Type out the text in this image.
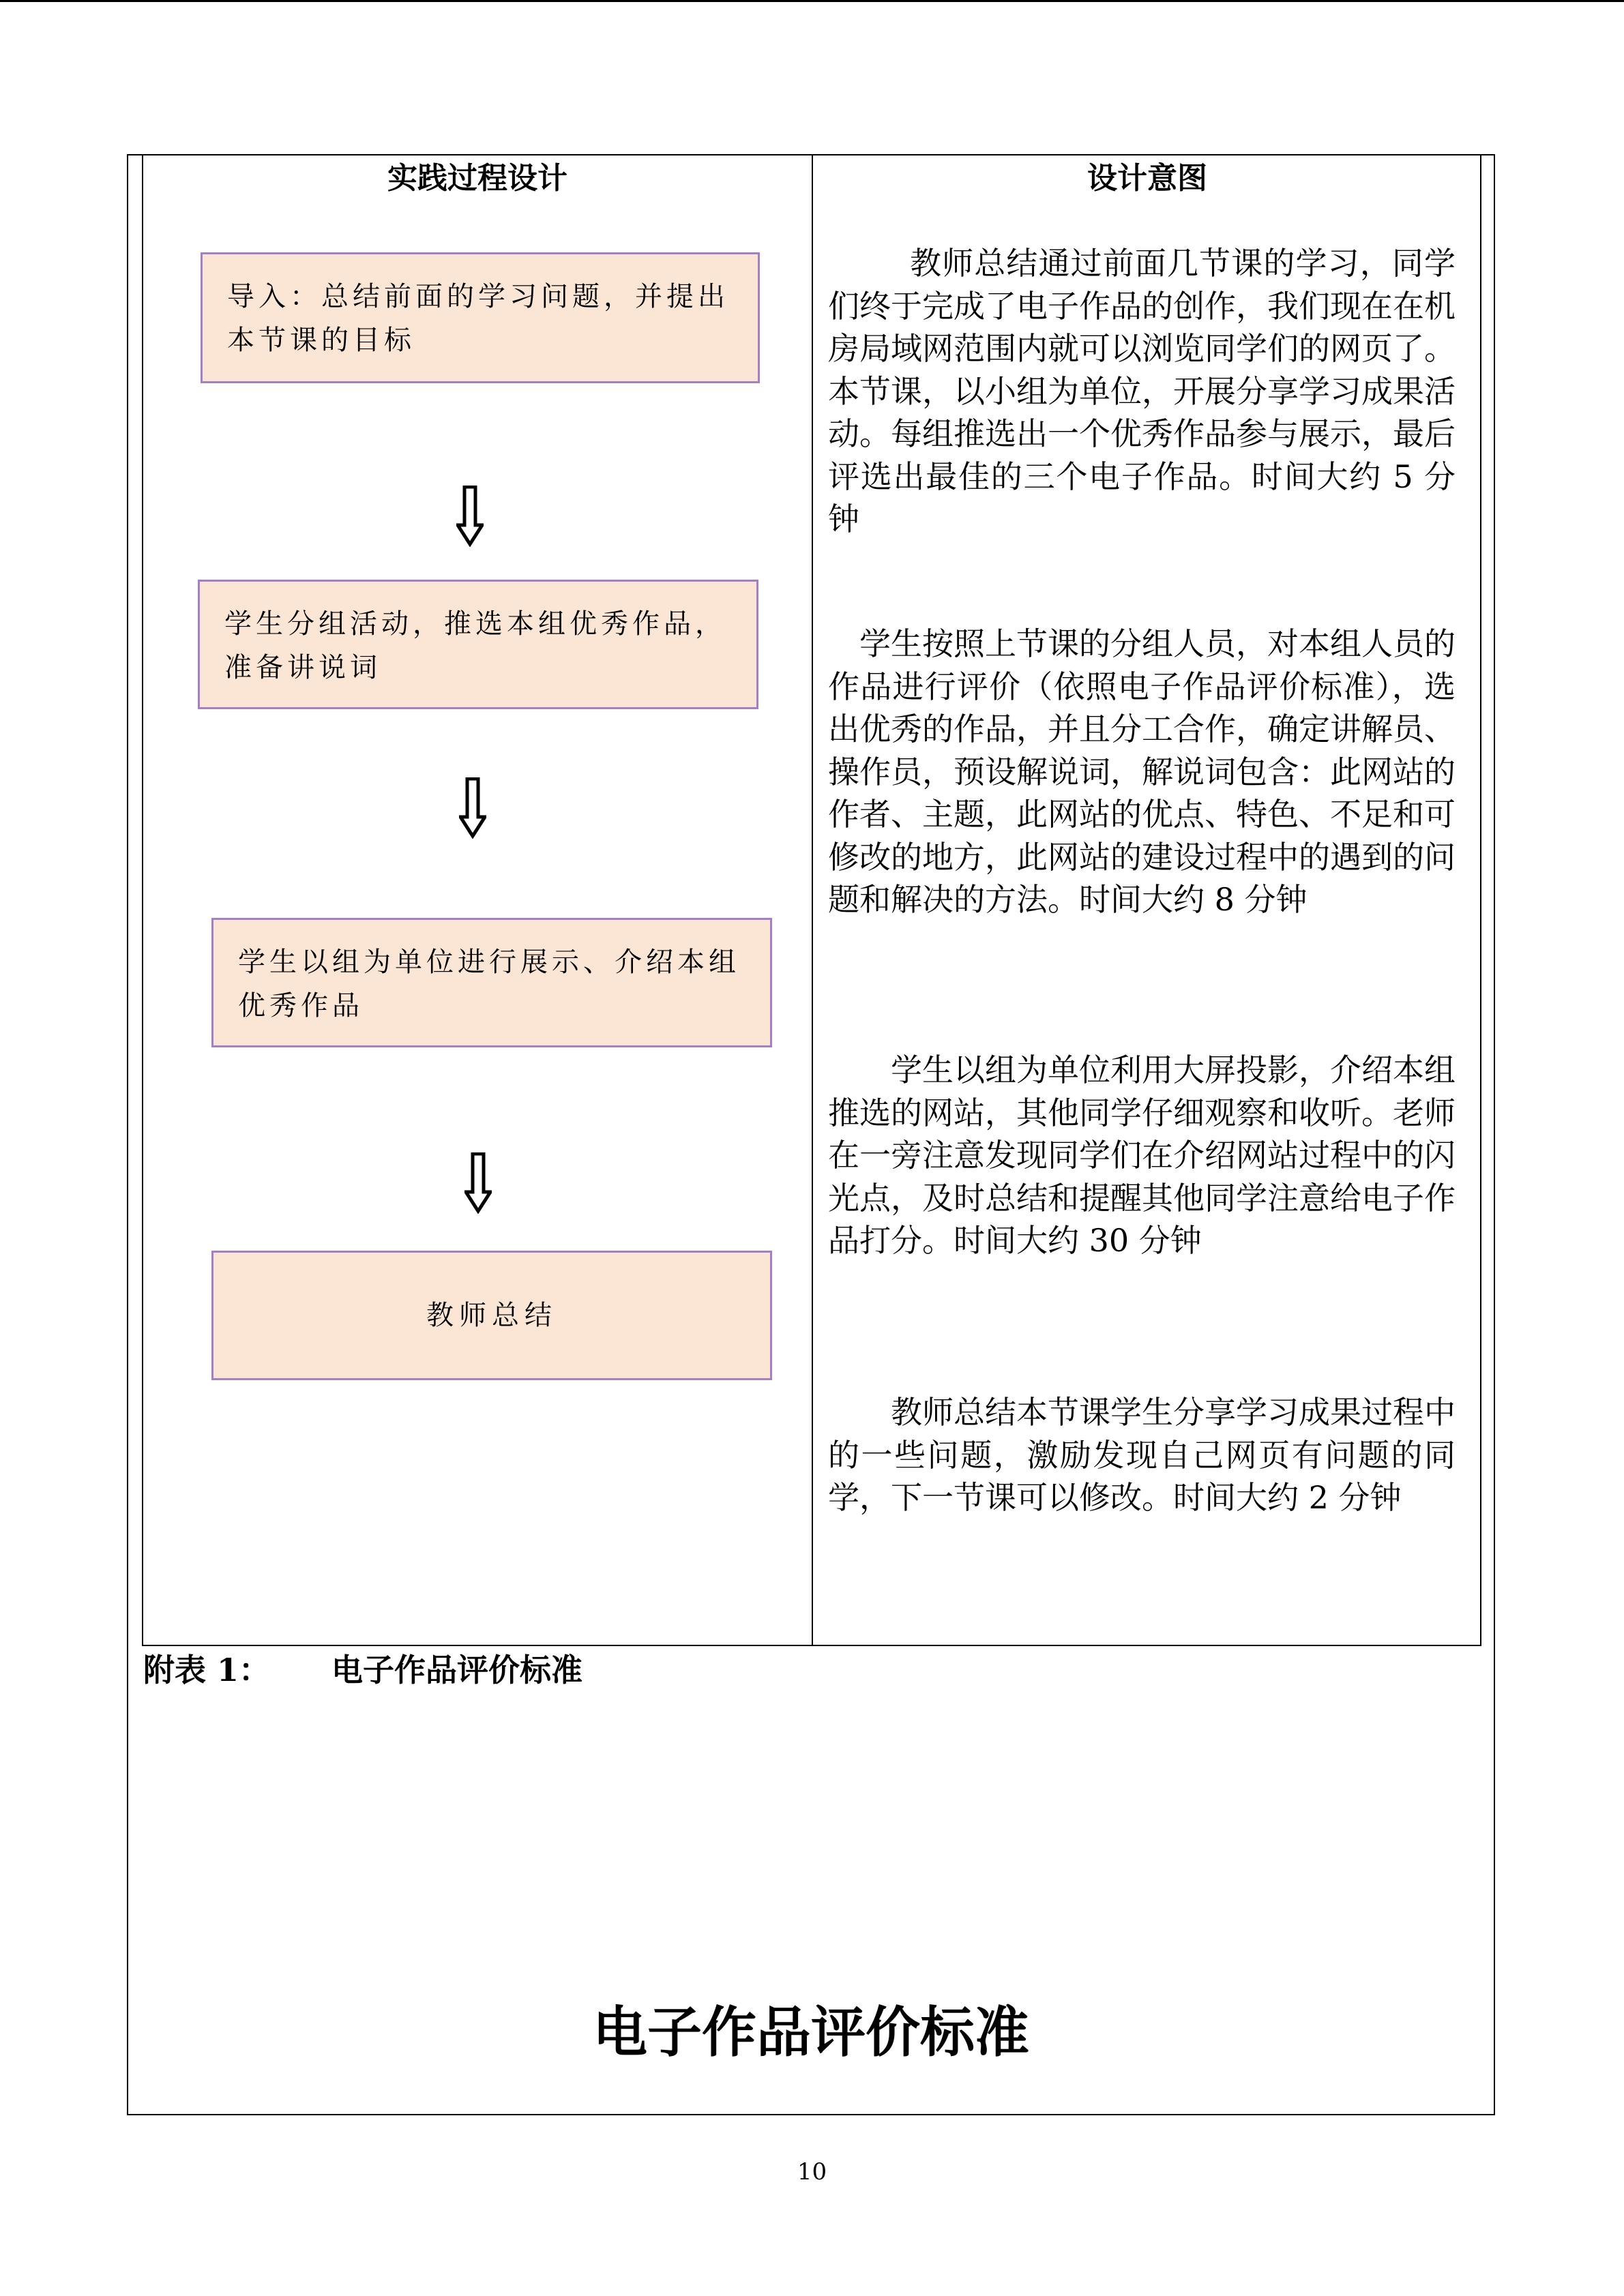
实践过程设计	设计意图
导入：总结前面的学习问题，并提出本节课的目标
学生分组活动，推选本组优秀作品，准备讲说词
学生以组为单位进行展示、介绍本组优秀作品
教师总结

教师总结通过前面几节课的学习，同学们终于完成了电子作品的创作，我们现在在机房局域网范围内就可以浏览同学们的网页了。本节课，以小组为单位，开展分享学习成果活动。每组推选出一个优秀作品参与展示，最后评选出最佳的三个电子作品。时间大约 5 分钟

学生按照上节课的分组人员，对本组人员的作品进行评价（依照电子作品评价标准），选出优秀的作品，并且分工合作，确定讲解员、操作员，预设解说词，解说词包含：此网站的作者、主题，此网站的优点、特色、不足和可修改的地方，此网站的建设过程中的遇到的问题和解决的方法。时间大约 8 分钟

学生以组为单位利用大屏投影，介绍本组推选的网站，其他同学仔细观察和收听。老师在一旁注意发现同学们在介绍网站过程中的闪光点，及时总结和提醒其他同学注意给电子作品打分。时间大约 30 分钟

教师总结本节课学生分享学习成果过程中的一些问题，激励发现自己网页有问题的同学，下一节课可以修改。时间大约 2 分钟

附表 1： 电子作品评价标准
电子作品评价标准
10
